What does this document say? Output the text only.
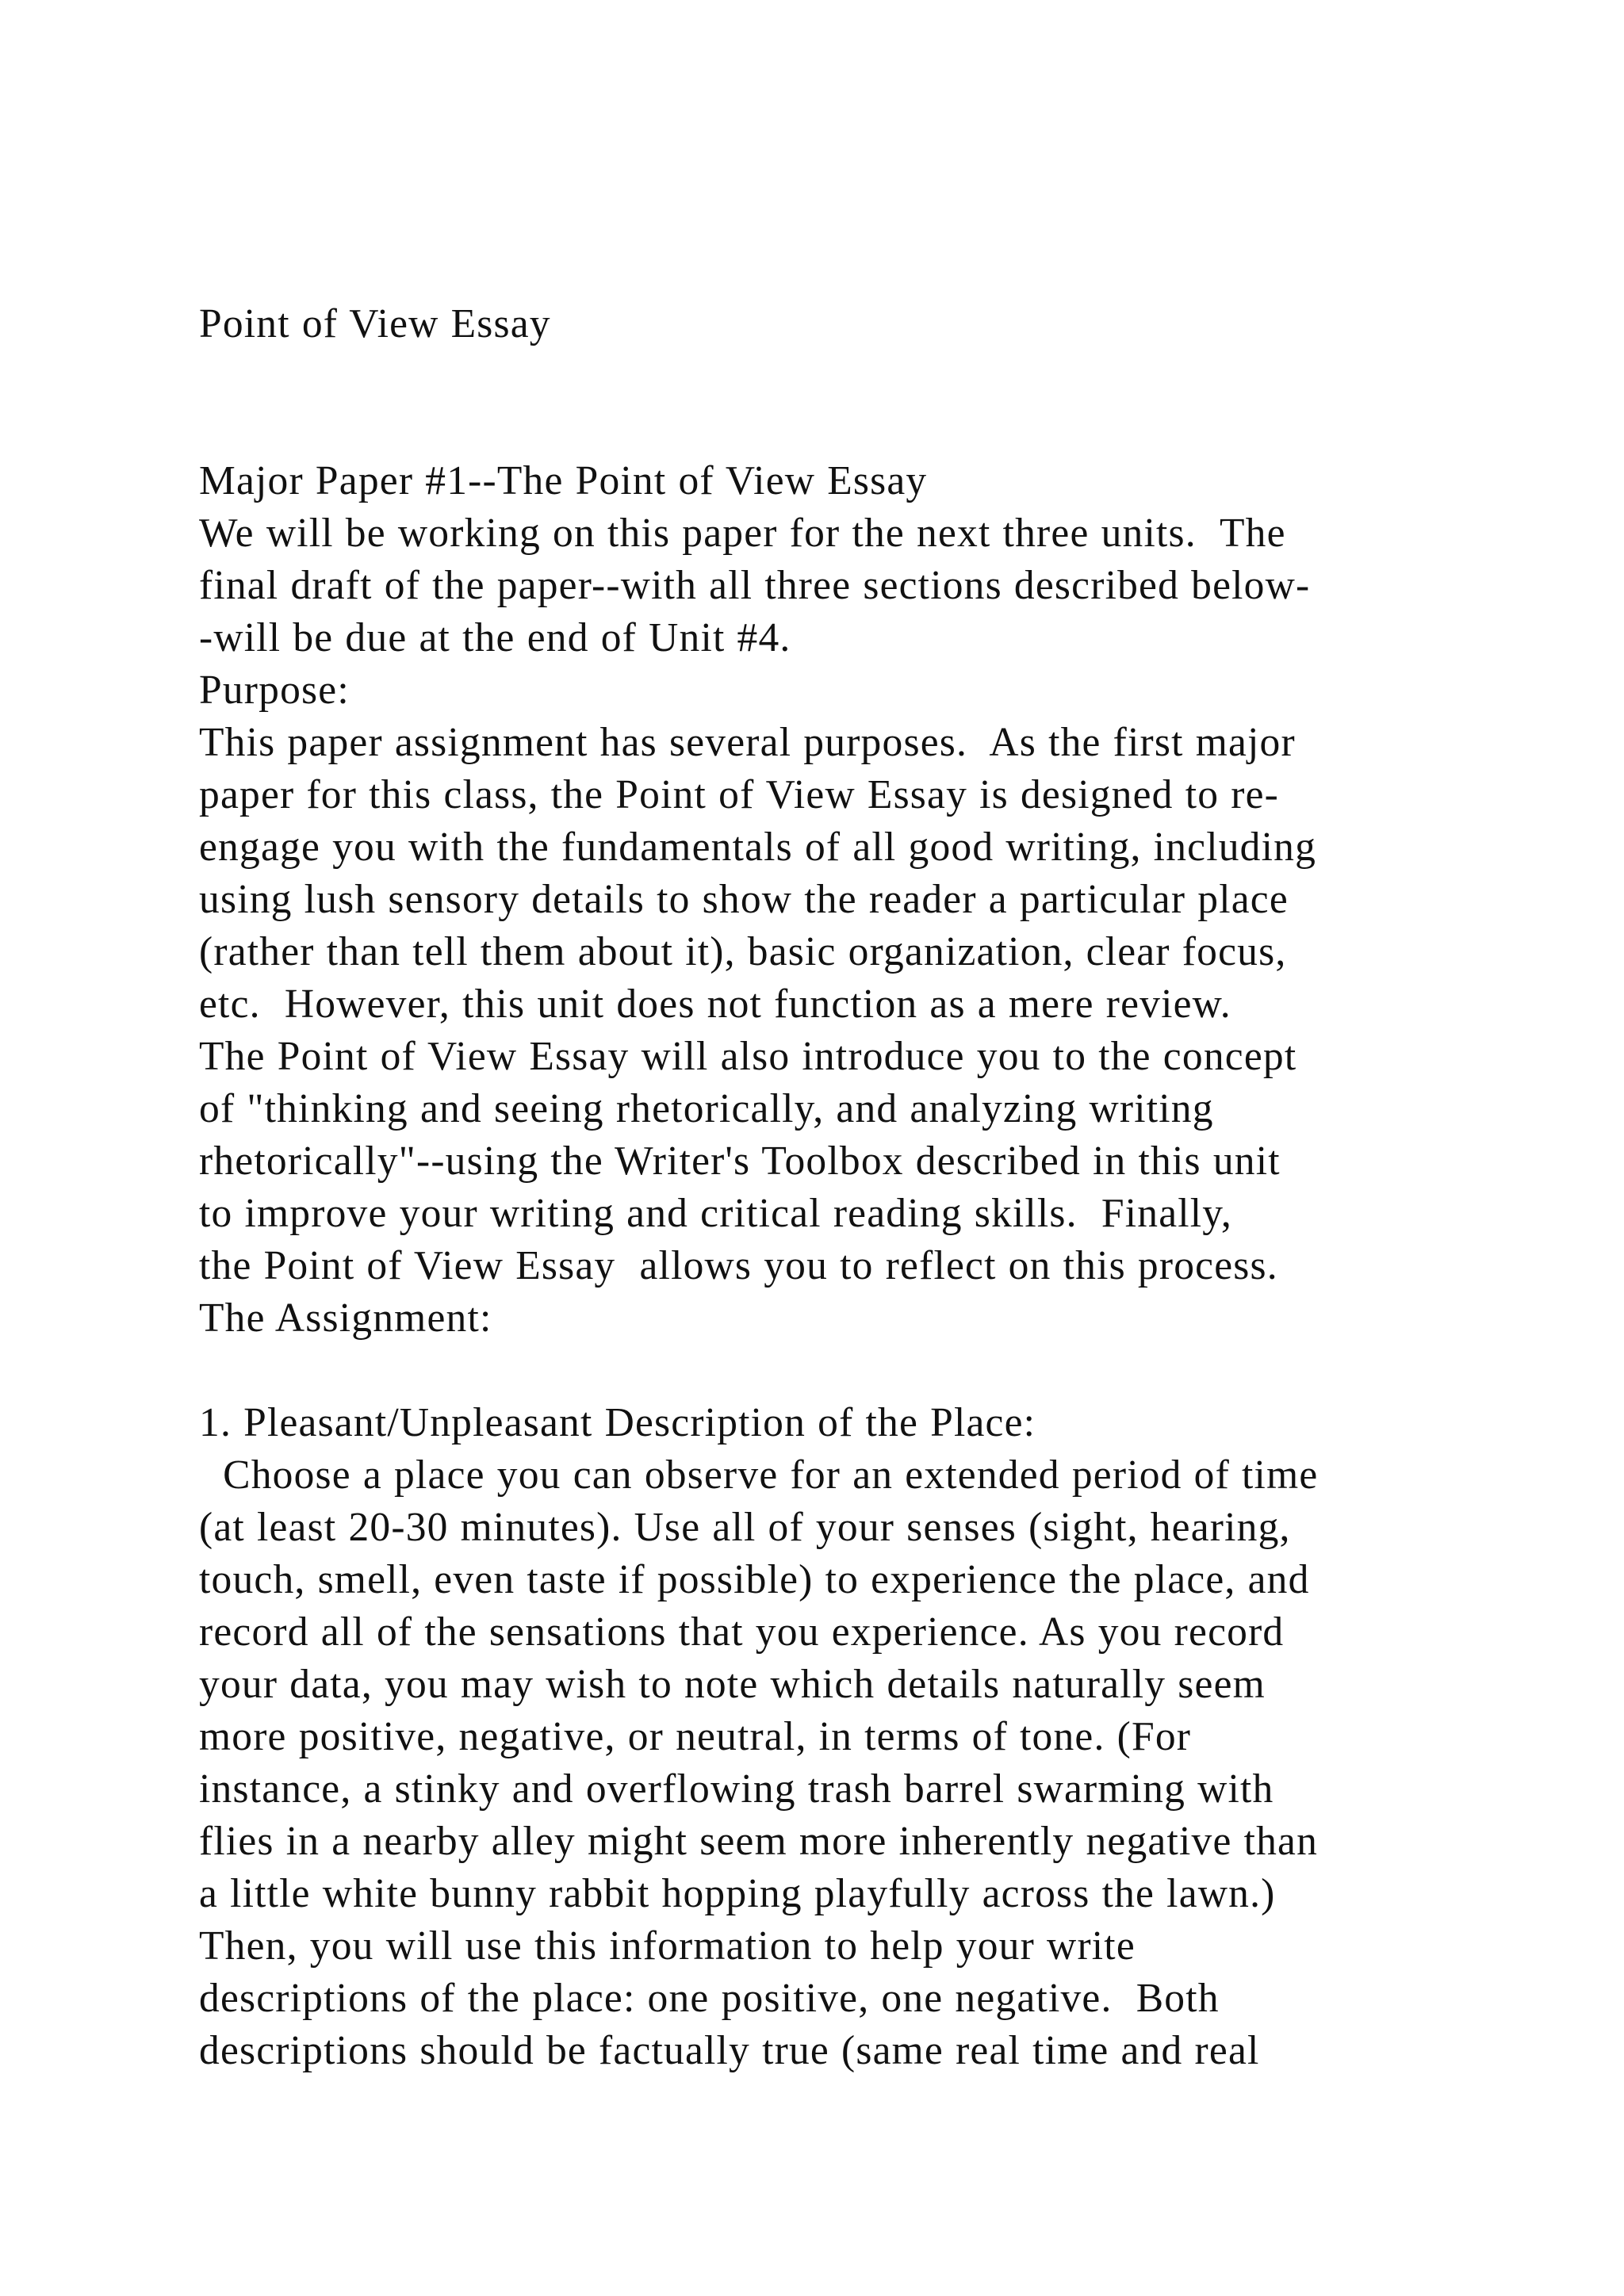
Point of View Essay
Major Paper #1--The Point of View Essay
We will be working on this paper for the next three units.  The
final draft of the paper--with all three sections described below-
-will be due at the end of Unit #4.
Purpose:
This paper assignment has several purposes.  As the first major
paper for this class, the Point of View Essay is designed to re-
engage you with the fundamentals of all good writing, including
using lush sensory details to show the reader a particular place
(rather than tell them about it), basic organization, clear focus,
etc.  However, this unit does not function as a mere review.
The Point of View Essay will also introduce you to the concept
of "thinking and seeing rhetorically, and analyzing writing
rhetorically"--using the Writer's Toolbox described in this unit
to improve your writing and critical reading skills.  Finally,
the Point of View Essay  allows you to reflect on this process.
The Assignment:
1. Pleasant/Unpleasant Description of the Place:
Choose a place you can observe for an extended period of time
(at least 20-30 minutes). Use all of your senses (sight, hearing,
touch, smell, even taste if possible) to experience the place, and
record all of the sensations that you experience. As you record
your data, you may wish to note which details naturally seem
more positive, negative, or neutral, in terms of tone. (For
instance, a stinky and overflowing trash barrel swarming with
flies in a nearby alley might seem more inherently negative than
a little white bunny rabbit hopping playfully across the lawn.)
Then, you will use this information to help your write
descriptions of the place: one positive, one negative.  Both
descriptions should be factually true (same real time and real
